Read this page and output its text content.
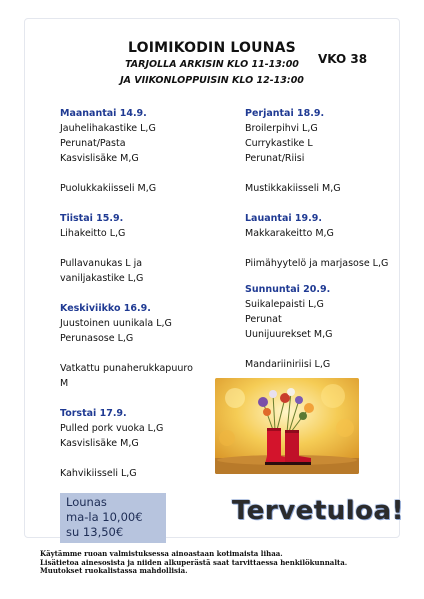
LOIMIKODIN LOUNAS
VKO 38
TARJOLLA ARKISIN KLO 11-13:00
JA VIIKONLOPPUISIN KLO 12-13:00
Maanantai 14.9.
Jauhelihakastike L,G
Perunat/Pasta
Kasvislisäke M,G
Puolukkakiisseli M,G
Tiistai 15.9.
Lihakeitto L,G
Pullavanukas L ja
vaniljakastike L,G
Keskiviikko 16.9.
Juustoinen uunikala L,G
Perunasose L,G
Vatkattu punaherukkapuuro
M
Torstai 17.9.
Pulled pork vuoka L,G
Kasvislisäke M,G
Kahvikiisseli L,G
Perjantai 18.9.
Broilerpihvi L,G
Currykastike L
Perunat/Riisi
Mustikkakiisseli M,G
Lauantai 19.9.
Makkarakeitto M,G
Piimähyytelö ja marjasose L,G
Sunnuntai 20.9.
Suikalepaisti L,G
Perunat
Uunijuurekset M,G
Mandariiniriisi L,G
Lounas
ma-la 10,00€
su 13,50€
Tervetuloa!
Käytämme ruoan valmistuksessa ainoastaan kotimaista lihaa.
Lisätietoa ainesosista ja niiden alkuperästä saat tarvittaessa henkilökunnalta.
Muutokset ruokalistassa mahdollisia.
